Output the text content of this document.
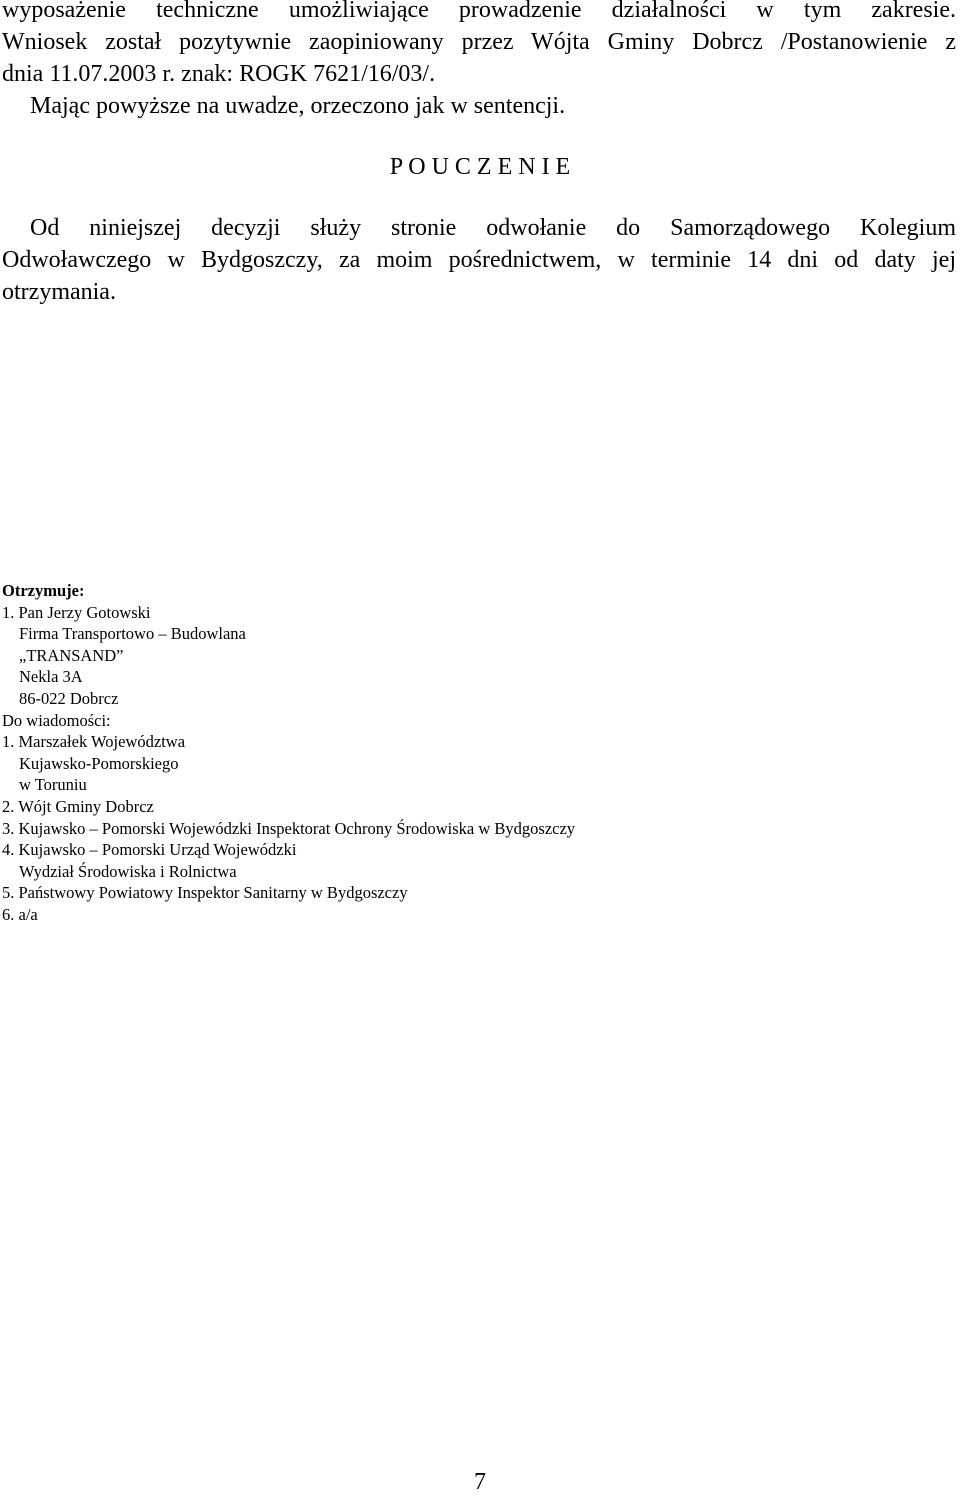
wyposażenie techniczne umożliwiające prowadzenie działalności w tym zakresie.
Wniosek został pozytywnie zaopiniowany przez Wójta Gminy Dobrcz /Postanowienie z
dnia 11.07.2003 r. znak: ROGK 7621/16/03/.
Mając powyższe na uwadze, orzeczono jak w sentencji.
P O U C Z E N I E
Od niniejszej decyzji służy stronie odwołanie do Samorządowego Kolegium
Odwoławczego w Bydgoszczy, za moim pośrednictwem, w terminie 14 dni od daty jej
otrzymania.
Otrzymuje:
1. Pan Jerzy Gotowski
Firma Transportowo – Budowlana
„TRANSAND”
Nekla 3A
86-022 Dobrcz
Do wiadomości:
1. Marszałek Województwa
Kujawsko-Pomorskiego
w Toruniu
2. Wójt Gminy Dobrcz
3. Kujawsko – Pomorski Wojewódzki Inspektorat Ochrony Środowiska w Bydgoszczy
4. Kujawsko – Pomorski Urząd Wojewódzki
Wydział Środowiska i Rolnictwa
5. Państwowy Powiatowy Inspektor Sanitarny w Bydgoszczy
6. a/a
7
